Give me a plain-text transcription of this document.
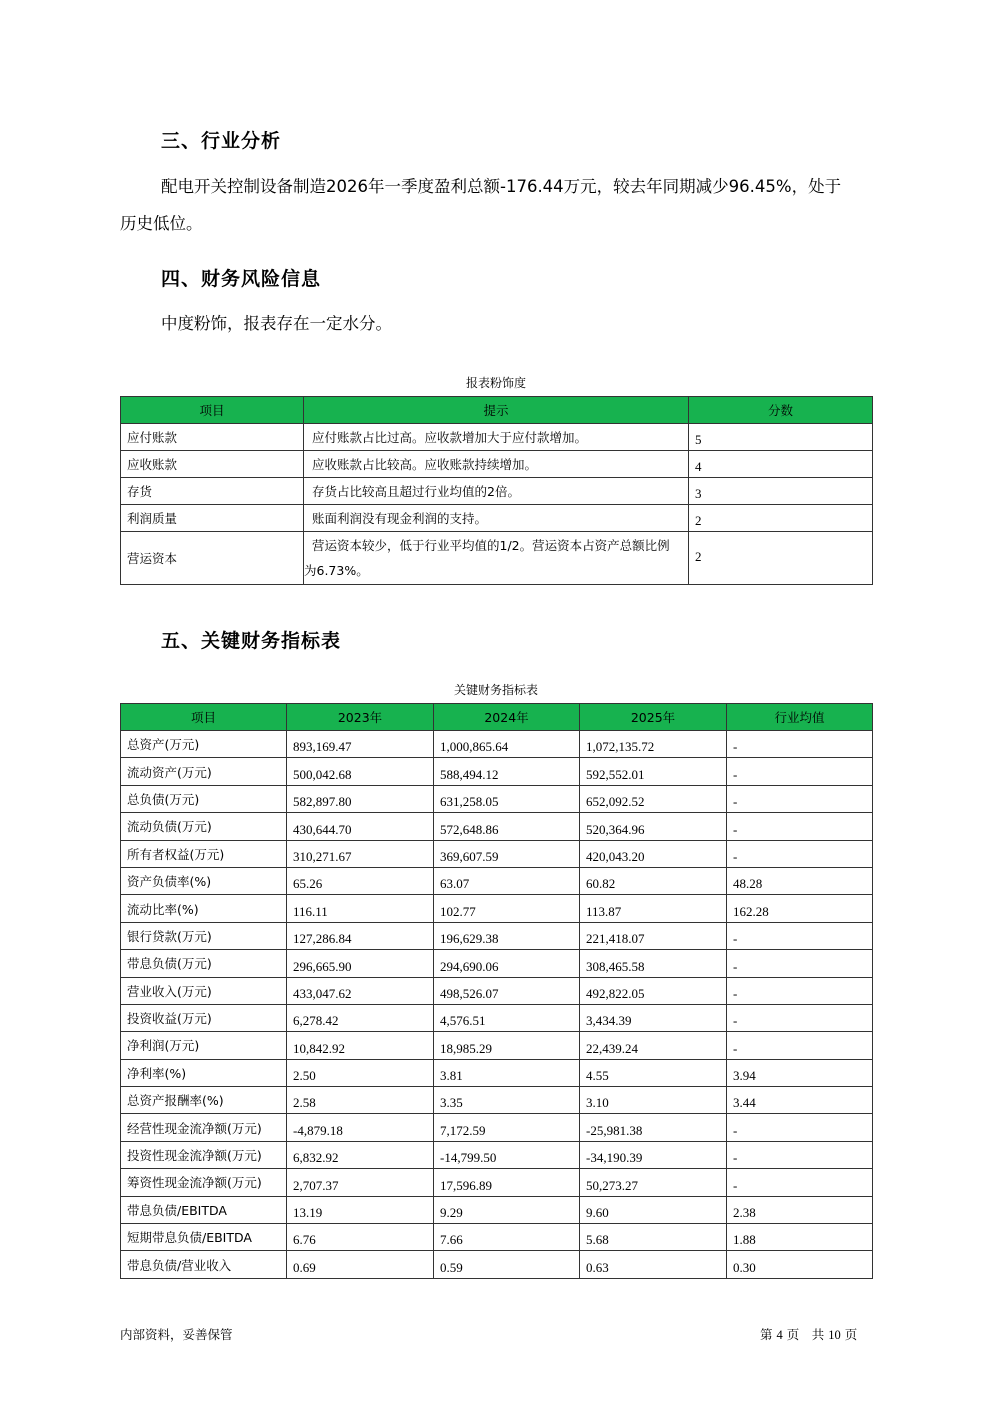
三、行业分析
配电开关控制设备制造2026年一季度盈利总额-176.44万元，较去年同期减少96.45%，处于
历史低位。
四、财务风险信息
中度粉饰，报表存在一定水分。
报表粉饰度
项目	提示	分数
应付账款	应付账款占比过高。应收款增加大于应付款增加。	5
应收账款	应收账款占比较高。应收账款持续增加。	4
存货	存货占比较高且超过行业均值的2倍。	3
利润质量	账面利润没有现金利润的支持。	2
营运资本	营运资本较少，低于行业平均值的1/2。营运资本占资产总额比例
为6.73%。	2
五、关键财务指标表
关键财务指标表
项目	2023年	2024年	2025年	行业均值
总资产(万元)	893,169.47	1,000,865.64	1,072,135.72	-
流动资产(万元)	500,042.68	588,494.12	592,552.01	-
总负债(万元)	582,897.80	631,258.05	652,092.52	-
流动负债(万元)	430,644.70	572,648.86	520,364.96	-
所有者权益(万元)	310,271.67	369,607.59	420,043.20	-
资产负债率(%)	65.26	63.07	60.82	48.28
流动比率(%)	116.11	102.77	113.87	162.28
银行贷款(万元)	127,286.84	196,629.38	221,418.07	-
带息负债(万元)	296,665.90	294,690.06	308,465.58	-
营业收入(万元)	433,047.62	498,526.07	492,822.05	-
投资收益(万元)	6,278.42	4,576.51	3,434.39	-
净利润(万元)	10,842.92	18,985.29	22,439.24	-
净利率(%)	2.50	3.81	4.55	3.94
总资产报酬率(%)	2.58	3.35	3.10	3.44
经营性现金流净额(万元)	-4,879.18	7,172.59	-25,981.38	-
投资性现金流净额(万元)	6,832.92	-14,799.50	-34,190.39	-
筹资性现金流净额(万元)	2,707.37	17,596.89	50,273.27	-
带息负债/EBITDA	13.19	9.29	9.60	2.38
短期带息负债/EBITDA	6.76	7.66	5.68	1.88
带息负债/营业收入	0.69	0.59	0.63	0.30
内部资料，妥善保管	第 4 页　共 10 页
